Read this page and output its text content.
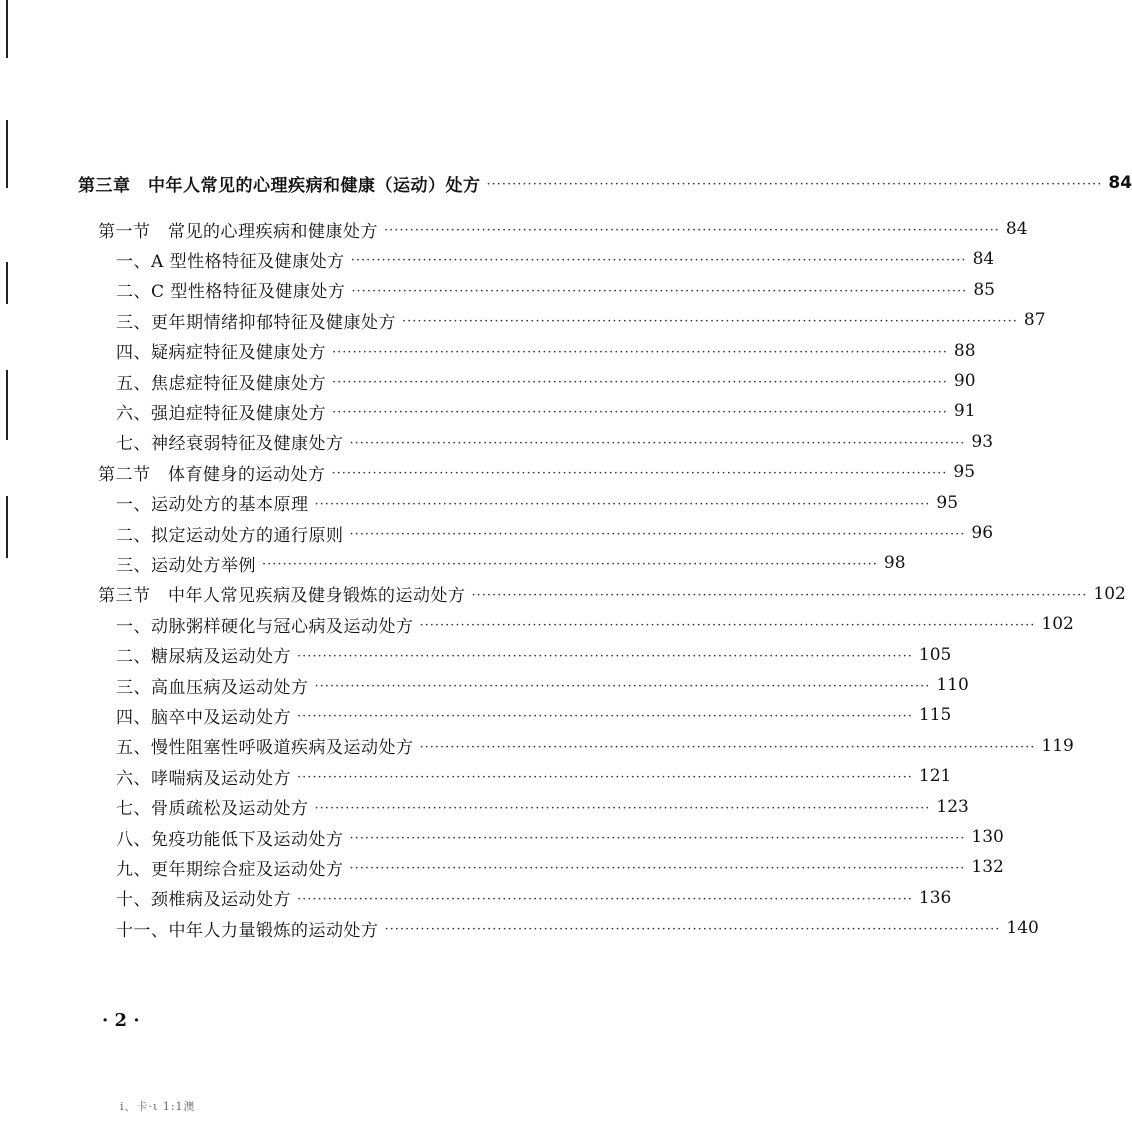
第三章　中年人常见的心理疾病和健康（运动）处方 ························································································································ 84
第一节　常见的心理疾病和健康处方 ························································································································ 84
一、A 型性格特征及健康处方 ························································································································ 84
二、C 型性格特征及健康处方 ························································································································ 85
三、更年期情绪抑郁特征及健康处方 ························································································································ 87
四、疑病症特征及健康处方 ························································································································ 88
五、焦虑症特征及健康处方 ························································································································ 90
六、强迫症特征及健康处方 ························································································································ 91
七、神经衰弱特征及健康处方 ························································································································ 93
第二节　体育健身的运动处方 ························································································································ 95
一、运动处方的基本原理 ························································································································ 95
二、拟定运动处方的通行原则 ························································································································ 96
三、运动处方举例 ························································································································ 98
第三节　中年人常见疾病及健身锻炼的运动处方 ························································································································ 102
一、动脉粥样硬化与冠心病及运动处方 ························································································································ 102
二、糖尿病及运动处方 ························································································································ 105
三、高血压病及运动处方 ························································································································ 110
四、脑卒中及运动处方 ························································································································ 115
五、慢性阻塞性呼吸道疾病及运动处方 ························································································································ 119
六、哮喘病及运动处方 ························································································································ 121
七、骨质疏松及运动处方 ························································································································ 123
八、免疫功能低下及运动处方 ························································································································ 130
九、更年期综合症及运动处方 ························································································································ 132
十、颈椎病及运动处方 ························································································································ 136
十一、中年人力量锻炼的运动处方 ························································································································ 140
· 2 ·
i、卡·ι 1:1澳
